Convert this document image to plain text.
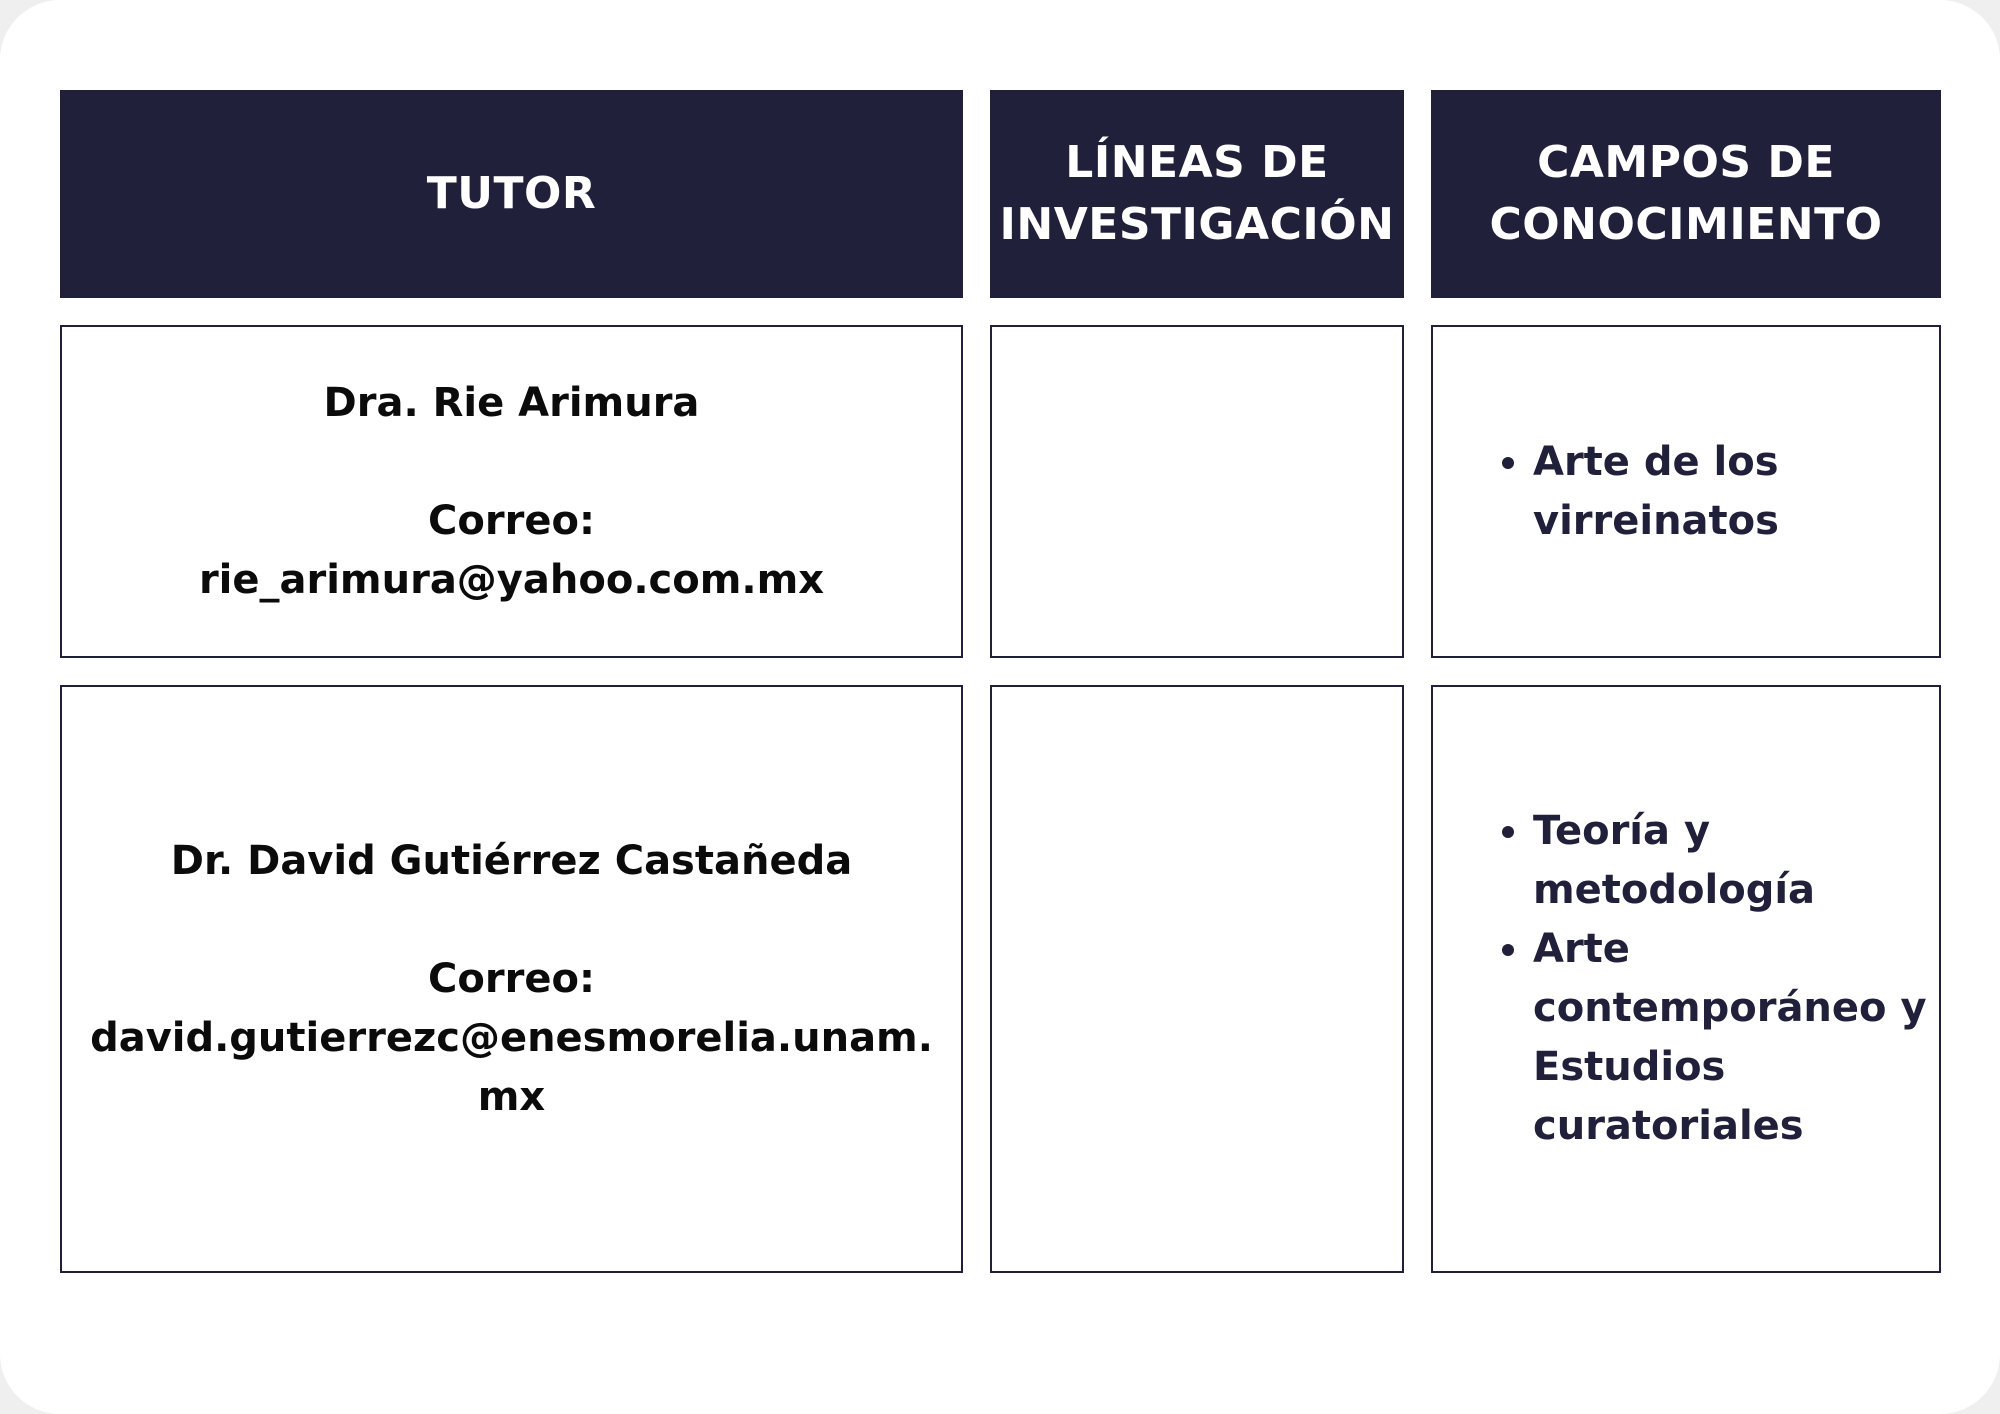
TUTOR
LÍNEAS DE
INVESTIGACIÓN
CAMPOS DE
CONOCIMIENTO
Dra. Rie Arimura
Correo:
rie_arimura@yahoo.com.mx
• Arte de los virreinatos
Dr. David Gutiérrez Castañeda
Correo:
david.gutierrezc@enesmorelia.unam.mx
• Teoría y metodología
• Arte contemporáneo y Estudios curatoriales
